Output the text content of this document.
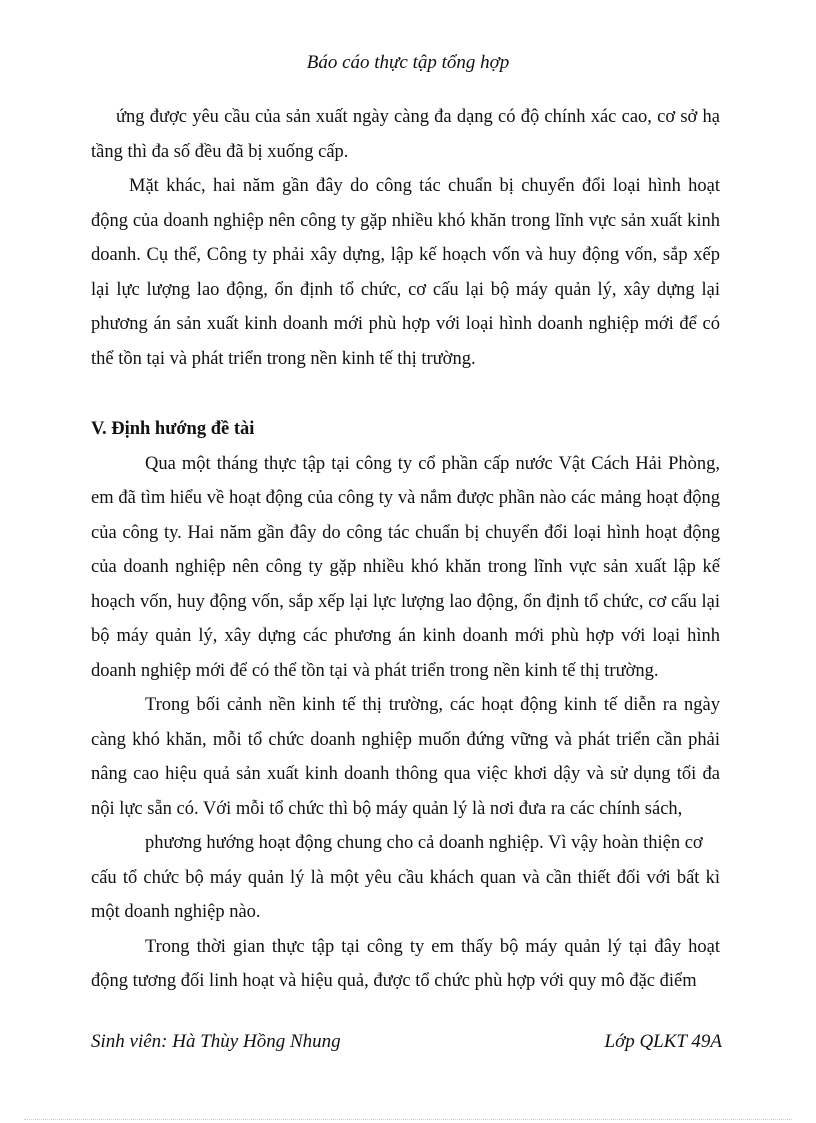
Báo cáo thực tập tổng hợp

ứng được yêu cầu của sản xuất ngày càng đa dạng có độ chính xác cao, cơ sở hạ tầng thì đa số đều đã bị xuống cấp.

Mặt khác, hai năm gần đây do công tác chuẩn bị chuyển đổi loại hình hoạt động của doanh nghiệp nên công ty gặp nhiều khó khăn trong lĩnh vực sản xuất kinh doanh. Cụ thể, Công ty phải xây dựng, lập kế hoạch vốn và huy động vốn, sắp xếp lại lực lượng lao động, ổn định tổ chức, cơ cấu lại bộ máy quản lý, xây dựng lại phương án sản xuất kinh doanh mới phù hợp với loại hình doanh nghiệp mới để có thể tồn tại và phát triển trong nền kinh tế thị trường.

V. Định hướng đề tài

Qua một tháng thực tập tại công ty cổ phần cấp nước Vật Cách Hải Phòng, em đã tìm hiểu về hoạt động của công ty và nắm được phần nào các mảng hoạt động của công ty. Hai năm gần đây do công tác chuẩn bị chuyển đổi loại hình hoạt động của doanh nghiệp nên công ty gặp nhiều khó khăn trong lĩnh vực sản xuất lập kế hoạch vốn, huy động vốn, sắp xếp lại lực lượng lao động, ổn định tổ chức, cơ cấu lại bộ máy quản lý, xây dựng các phương án kinh doanh mới phù hợp với loại hình doanh nghiệp mới để có thể tồn tại và phát triển trong nền kinh tế thị trường.

Trong bối cảnh nền kinh tế thị trường, các hoạt động kinh tế diễn ra ngày càng khó khăn, mỗi tổ chức doanh nghiệp muốn đứng vững và phát triển cần phải nâng cao hiệu quả sản xuất kinh doanh thông qua việc khơi dậy và sử dụng tối đa nội lực sẵn có. Với mỗi tổ chức thì bộ máy quản lý là nơi đưa ra các chính sách,

phương hướng hoạt động chung cho cả doanh nghiệp. Vì vậy hoàn thiện cơ

cấu tổ chức bộ máy quản lý là một yêu cầu khách quan và cần thiết đối với bất kì một doanh nghiệp nào.

Trong thời gian thực tập tại công ty em thấy bộ máy quản lý tại đây hoạt động tương đối linh hoạt và hiệu quả, được tổ chức phù hợp với quy mô đặc điểm

Sinh viên: Hà Thùy Hồng Nhung	Lớp QLKT 49A
